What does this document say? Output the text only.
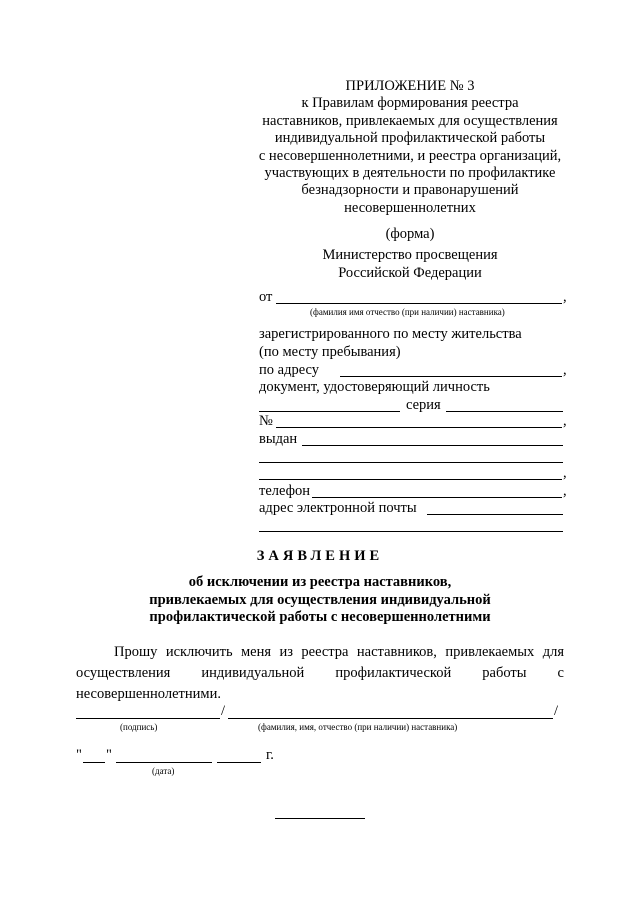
ПРИЛОЖЕНИЕ № 3
к Правилам формирования реестра
наставников, привлекаемых для осуществления
индивидуальной профилактической работы
с несовершеннолетними, и реестра организаций,
участвующих в деятельности по профилактике
безнадзорности и правонарушений
несовершеннолетних
(форма)
Министерство просвещения
Российской Федерации
от	,
(фамилия имя отчество (при наличии) наставника)
зарегистрированного по месту жительства
(по месту пребывания)
по адресу	,
документ, удостоверяющий личность
серия
№	,
выдан
,
телефон	,
адрес электронной почты
ЗАЯВЛЕНИЕ
об исключении из реестра наставников,
привлекаемых для осуществления индивидуальной
профилактической работы с несовершеннолетними
Прошу исключить меня из реестра наставников, привлекаемых для осуществления индивидуальной профилактической работы с несовершеннолетними.
/	/
(подпись)	(фамилия, имя, отчество (при наличии) наставника)
" "	г.
(дата)
